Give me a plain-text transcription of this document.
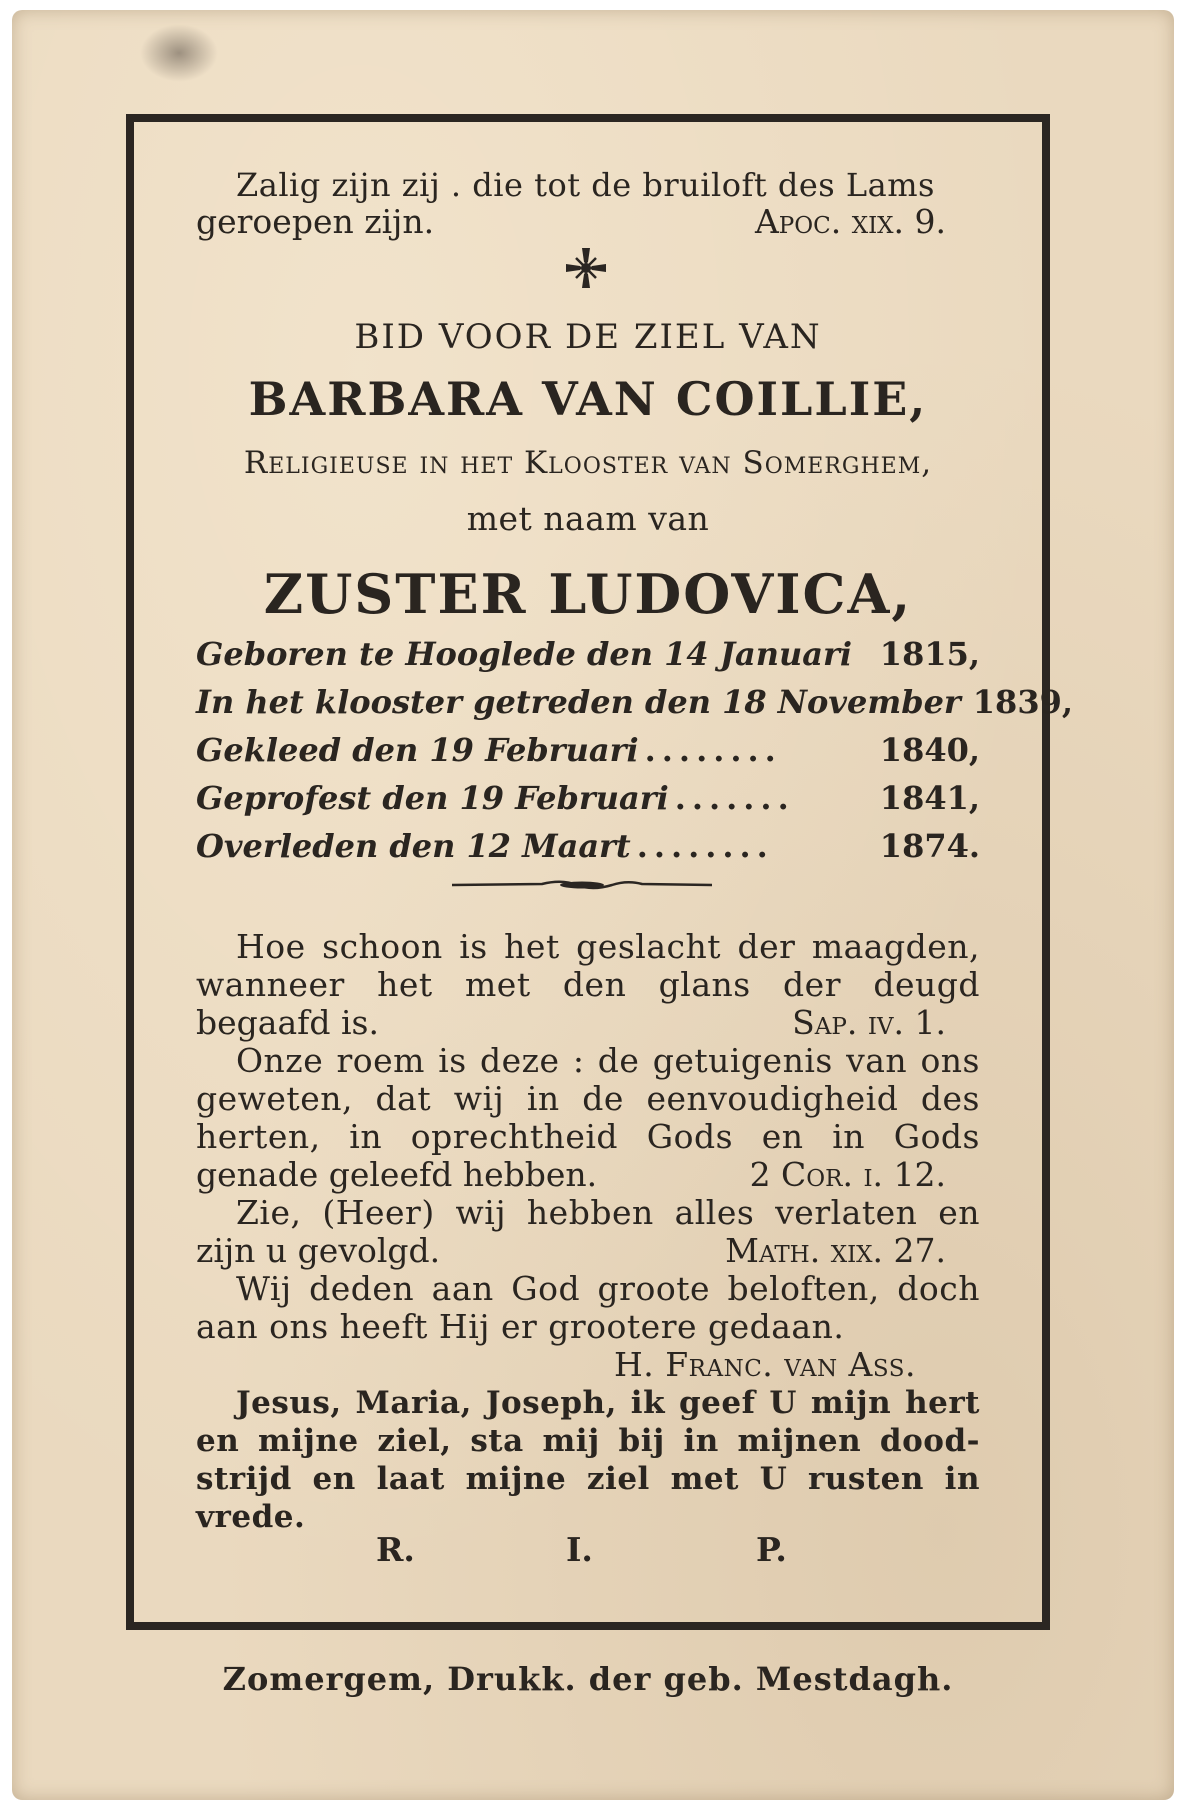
Zalig zijn zij . die tot de bruiloft des Lams
geroepen zijn.	Apoc. xix. 9.
BID VOOR DE ZIEL VAN
BARBARA VAN COILLIE,
Religieuse in het Klooster van Somerghem,
met naam van
ZUSTER LUDOVICA,
Geboren te Hooglede den 14 Januari 1815,
In het klooster getreden den 18 November 1839,
Gekleed den 19 Februari ........	1840,
Geprofest den 19 Februari .......	1841,
Overleden den 12 Maart ........	1874.
Hoe schoon is het geslacht der maagden,
wanneer het met den glans der deugd
begaafd is.	Sap. iv. 1.
Onze roem is deze : de getuigenis van ons
geweten, dat wij in de eenvoudigheid des
herten, in oprechtheid Gods en in Gods
genade geleefd hebben.	2 Cor. i. 12.
Zie, (Heer) wij hebben alles verlaten en
zijn u gevolgd.	Math. xix. 27.
Wij deden aan God groote beloften, doch
aan ons heeft Hij er grootere gedaan.
H. Franc. van Ass.
Jesus, Maria, Joseph, ik geef U mijn hert
en mijne ziel, sta mij bij in mijnen dood-
strijd en laat mijne ziel met U rusten in
vrede.
R.	I.	P.
Zomergem, Drukk. der geb. Mestdagh.
